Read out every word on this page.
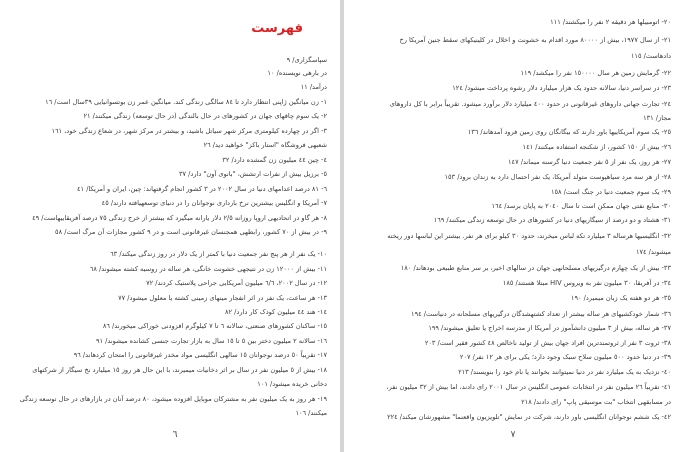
فهرست
سپاسگزاری/ ٩
در بارهی نویسنده/ ١٠
درآمد/ ١١
١- زن میانگین ژاپنی انتظار دارد تا ٨٤ سالگی زندگی کند. میانگین عمر زن بوتسوانیایی ٣٩سال است/ ١٦
٢- یک سوم چاقهای جهان در کشورهای در حال بالندگی (در حال توسعه) زندگی میکنند/ ٢١
٣- اگر در چهارده کیلومتری مرکز شهر سیاتل باشید، و بیشتر در مرکز شهر، در شعاع زندگی خود، ١٦١
شعبهی فروشگاه "استار باکز" خواهید دید/ ٢٦
٤- چین ٤٤ میلیون زن گمشده دارد/ ٣٢
٥- برزیل بیش از نفرات ارتشش، "بانوی آون" دارد/ ٣٧
٦- ٨١ درصد اعدامهای دنیا در سال ٢٠٠٢ در ٣ کشور انجام گرفتهاند: چین، ایران و آمریکا/ ٤١
٧- آمریکا و انگلیس بیشترین نرخ بارداری نوجوانان را در دنیای توسعهیافته دارند/ ٤٥
٨- هر گاو در اتحادیهی اروپا روزانه ٢/٥ دلار یارانه میگیرد که بیشتر از خرج زندگی ٧٥ درصد آفریقاییهاست/ ٤٩
٩- در بیش از ٧٠ کشور، رابطهی همجنسان غیرقانونی است و در ٩ کشور مجازات آن مرگ است/ ٥٨
١٠- یک نفر از هر پنج نفر جمعیت دنیا با کمتر از یک دلار در روز زندگی میکند/ ٦٣
١١- بیش از ١٢٠٠٠ زن در نتیجهی خشونت خانگی، هر ساله در روسیه کشته میشوند/ ٦٨
١٢- در سال ٢٠٠٢، ٦/٦ میلیون آمریکایی جراحی پلاستیک کردند/ ٧٢
١٣- هر ساعت، یک نفر در اثر انفجار مینهای زمینی کشته یا معلول میشود/ ٧٧
١٤- هند ٤٤ میلیون کودک کار دارد/ ٨٢
١٥- ساکنان کشورهای صنعتی، سالانه ٦ تا ٧ کیلوگرم افزودنی خوراکی میخورند/ ٨٦
١٦- سالانه ٢ میلیون دختر بین ٥ تا ١٥ سال به بازار تجارت جنسی کشانده میشوند/ ٩١
١٧- تقریباً ٥٠ درصد نوجوانان ١٥ سالهی انگلیسی مواد مخدر غیرقانونی را امتحان کردهاند/ ٩٦
١٨- بیش از ٥ میلیون نفر در سال بر اثر دخانیات میمیرند، با این حال هر روز ١٥ میلیارد نخ سیگار از شرکتهای
دخانی خریده میشود/ ١٠١
١٩- هر روز به یک میلیون نفر به مشترکان موبایل افزوده میشود، ٨٠ درصد آنان در بازارهای در حال توسعه زندگی
میکنند/ ١٠٦
٦
٢٠- اتومبیلها هر دقیقه ٢ نفر را میکشند/ ١١١
٢١- از سال ١٩٧٧، بیش از ٨٠٠٠٠ مورد اقدام به خشونت و اخلال در کلینیکهای سقط جنین آمریکا رخ
دادهاست/ ١١٥
٢٢- گرمایش زمین هر سال ١٥٠٠٠٠ نفر را میکشد/ ١١٩
٢٣- در سراسر دنیا، سالانه حدود یک هزار میلیارد دلار رشوه پرداخت میشود/ ١٢٤
٢٤- تجارت جهانی داروهای غیرقانونی در حدود ٤٠٠ میلیارد دلار برآورد میشود. تقریباً برابر با کل داروهای
مجاز/ ١٣١
٢٥- یک سوم آمریکاییها باور دارند که بیگانگان روی زمین فرود آمدهاند/ ١٣٦
٢٦- بیش از ١٥٠ کشور، از شکنجه استفاده میکنند/ ١٤١
٢٧- هر روز، یک نفر از ٥ نفر جمعیت دنیا گرسنه میماند/ ١٤٧
٢٨- از هر سه مرد سیاهپوست متولد آمریکا، یک نفر احتمال دارد به زندان برود/ ١٥٣
٢٩- یک سوم جمعیت دنیا در جنگ است/ ١٥٨
٣٠- منابع نفتی جهان ممکن است تا سال ٢٠٤٠ به پایان برسد/ ١٦٤
٣١- هشتاد و دو درصد از سیگاریهای دنیا در کشورهای در حال توسعه زندگی میکنند/ ١٦٩
٣٢- انگلیسیها هرساله ٣ میلیارد تکه لباس میخرند، حدود ٣٠ کیلو برای هر نفر. بیشتر این لباسها دور ریخته
میشوند/ ١٧٤
٣٣- بیش از یک چهارم درگیریهای مسلحانهی جهان در سالهای اخیر، بر سر منابع طبیعی بودهاند/ ١٨٠
٣٤- در آفریقا، ٣٠ میلیون نفر به ویروس HIV مبتلا هستند/ ١٨٥
٣٥- هر دو هفته یک زبان میمیرد/ ١٩٠
٣٦- شمار خودکشیهای هر ساله بیشتر از تعداد کشتهشدگان درگیریهای مسلحانه در دنیاست/ ١٩٤
٣٧- هر ساله، بیش از ٣ میلیون دانشآموز در آمریکا از مدرسه اخراج یا تعلیق میشوند/ ١٩٩
٣٨- ثروت ٣ نفر از ثروتمندترین افراد جهان بیش از تولید ناخالص ٤٨ کشور فقیر است/ ٢٠٣
٣٩- در دنیا حدود ٥٠٠ میلیون سلاح سبک وجود دارد؛ یکی برای هر ١٢ نفر/ ٢٠٧
٤٠- نزدیک به یک میلیارد نفر در دنیا نمیتوانند بخوانند یا نام خود را بنویسند/ ٢١٣
٤١- تقریباً ٢٦ میلیون نفر در انتخابات عمومی انگلیس در سال ٢٠٠١ رای دادند، اما بیش از ٣٢ میلیون نفر،
در مسابقهی انتخاب "بت موسیقی پاپ" رای دادند/ ٢١٨
٤٢- یک ششم نوجوانان انگلیسی باور دارند، شرکت در نمایش "تلویزیون واقعنما" مشهورشان میکند/ ٢٢٤
٧
